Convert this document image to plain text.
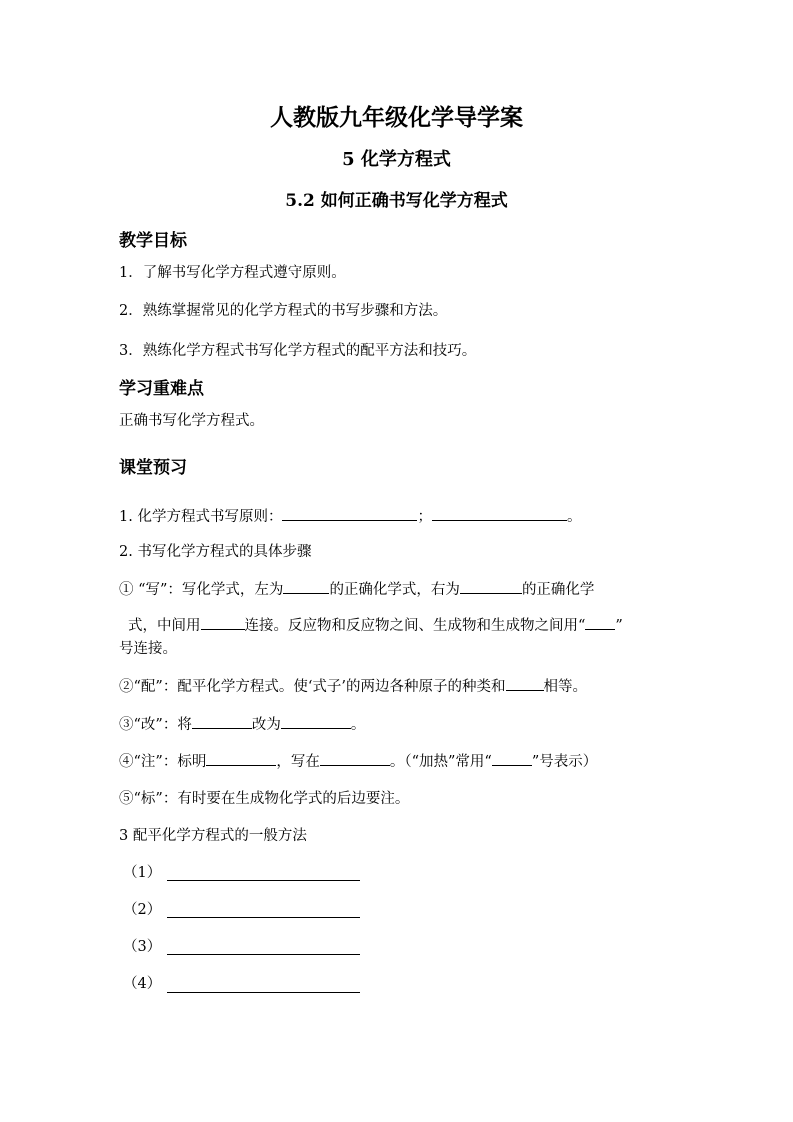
人教版九年级化学导学案
5 化学方程式
5.2 如何正确书写化学方程式
教学目标
1．了解书写化学方程式遵守原则。
2．熟练掌握常见的化学方程式的书写步骤和方法。
3．熟练化学方程式书写化学方程式的配平方法和技巧。
学习重难点
正确书写化学方程式。
课堂预习
1. 化学方程式书写原则：	；	。
2. 书写化学方程式的具体步骤
① “写”：写化学式，左为	的正确化学式，右为	的正确化学
式，中间用	连接。反应物和反应物之间、生成物和生成物之间用“ ”
号连接。
②“配”：配平化学方程式。使‘式子’的两边各种原子的种类和	相等。
③“改”：将	改为	。
④“注”：标明	，写在	。（“加热”常用“	”号表示）
⑤“标”：有时要在生成物化学式的后边要注。
3 配平化学方程式的一般方法
（1）
（2）
（3）
（4）
